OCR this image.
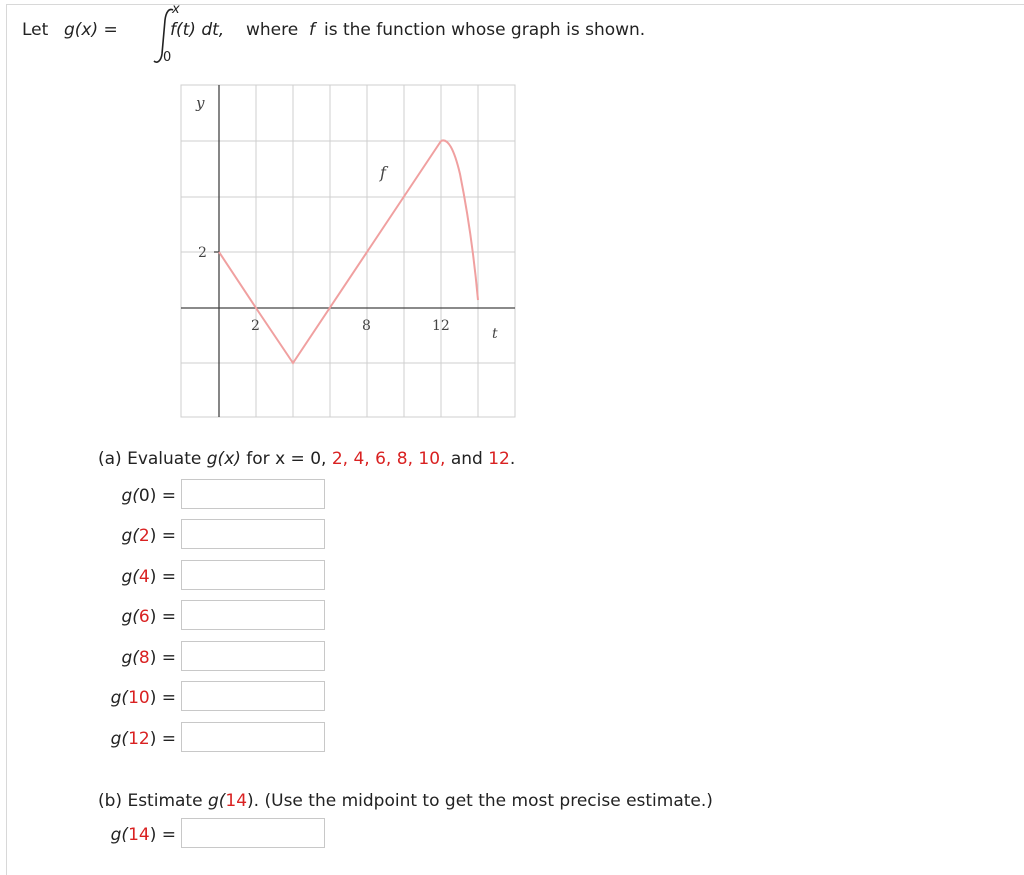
Let g(x) =
x
0
f(t) dt, where f is the function whose graph is shown.
y
t
f
2
2	8	12
(a) Evaluate g(x) for x = 0, 2, 4, 6, 8, 10, and 12.
g(0) =
g(2) =
g(4) =
g(6) =
g(8) =
g(10) =
g(12) =
(b) Estimate g(14). (Use the midpoint to get the most precise estimate.)
g(14) =
